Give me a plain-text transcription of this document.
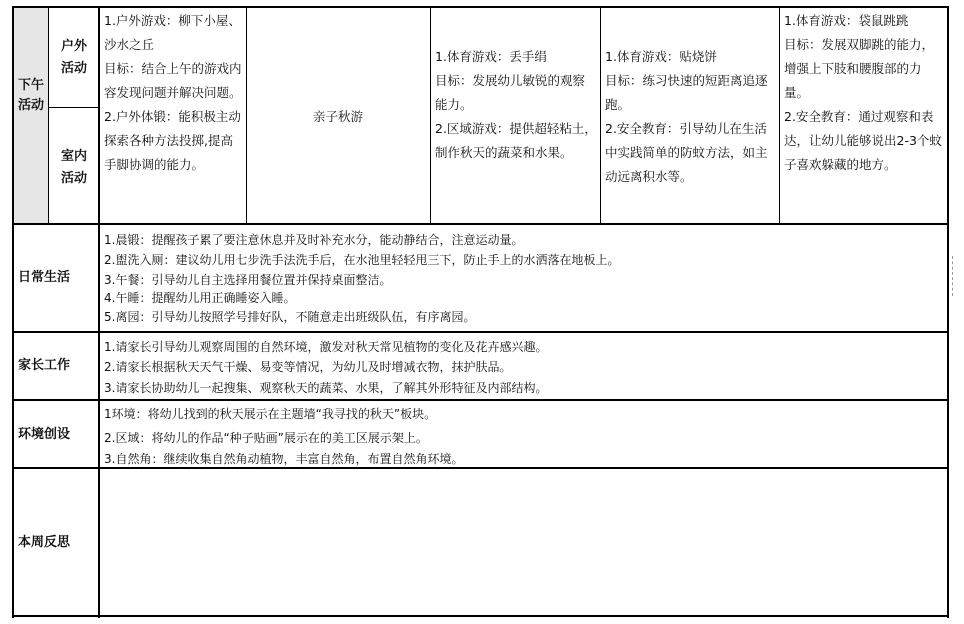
下午活动
户外活动
室内活动
1.户外游戏：柳下小屋、沙水之丘
目标：结合上午的游戏内容发现问题并解决问题。
2.户外体锻：能积极主动探索各种方法投掷,提高手脚协调的能力。
亲子秋游
1.体育游戏：丢手绢
目标：发展幼儿敏锐的观察能力。
2.区域游戏：提供超轻粘土，制作秋天的蔬菜和水果。
1.体育游戏：贴烧饼
目标：练习快速的短距离追逐跑。
2.安全教育：引导幼儿在生活中实践简单的防蚊方法，如主动远离积水等。
1.体育游戏：袋鼠跳跳
目标：发展双脚跳的能力，增强上下肢和腰腹部的力量。
2.安全教育：通过观察和表达，让幼儿能够说出2-3个蚊子喜欢躲藏的地方。
日常生活
1.晨锻：提醒孩子累了要注意休息并及时补充水分，能动静结合，注意运动量。
2.盥洗入厕：建议幼儿用七步洗手法洗手后，在水池里轻轻甩三下，防止手上的水洒落在地板上。
3.午餐：引导幼儿自主选择用餐位置并保持桌面整洁。
4.午睡：提醒幼儿用正确睡姿入睡。
5.离园：引导幼儿按照学号排好队，不随意走出班级队伍，有序离园。
家长工作
1.请家长引导幼儿观察周围的自然环境，激发对秋天常见植物的变化及花卉感兴趣。
2.请家长根据秋天天气干燥、易变等情况，为幼儿及时增减衣物，抹护肤品。
3.请家长协助幼儿一起搜集、观察秋天的蔬菜、水果，了解其外形特征及内部结构。
环境创设
1环境：将幼儿找到的秋天展示在主题墙“我寻找的秋天”板块。
2.区域：将幼儿的作品“种子贴画”展示在的美工区展示架上。
3.自然角：继续收集自然角动植物，丰富自然角，布置自然角环境。
本周反思
